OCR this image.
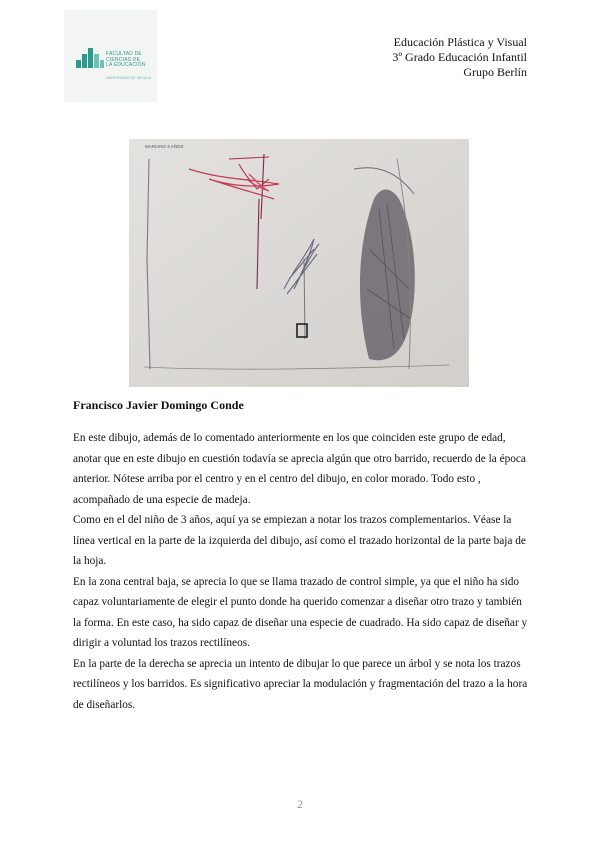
FACULTAD DE
CIENCIAS DE
LA EDUCACIÓN
UNIVERSIDAD DE SEVILLA
Educación Plástica y Visual
3º Grado Educación Infantil
Grupo Berlín
MARIANO 4 AÑOS
Francisco Javier Domingo Conde

En este dibujo, además de lo comentado anteriormente en los que coinciden este grupo de edad, anotar que en este dibujo en cuestión todavía se aprecia algún que otro barrido, recuerdo de la época anterior. Nótese arriba por el centro y en el centro del dibujo, en color morado. Todo esto , acompañado de una especie de madeja.

Como en el del niño de 3 años, aquí ya se empiezan a notar los trazos complementarios. Véase la línea vertical en la parte de la izquierda del dibujo, así como el trazado horizontal de la parte baja de la hoja.

En la zona central baja, se aprecia lo que se llama trazado de control simple, ya que el niño ha sido capaz voluntariamente de elegir el punto donde ha querido comenzar a diseñar otro trazo y también la forma. En este caso, ha sido capaz de diseñar una especie de cuadrado. Ha sido capaz de diseñar y dirigir a voluntad los trazos rectilíneos.

En la parte de la derecha se aprecia un intento de dibujar lo que parece un árbol y se nota los trazos rectilíneos y los barridos. Es significativo apreciar la modulación y fragmentación del trazo a la hora de diseñarlos.

2
